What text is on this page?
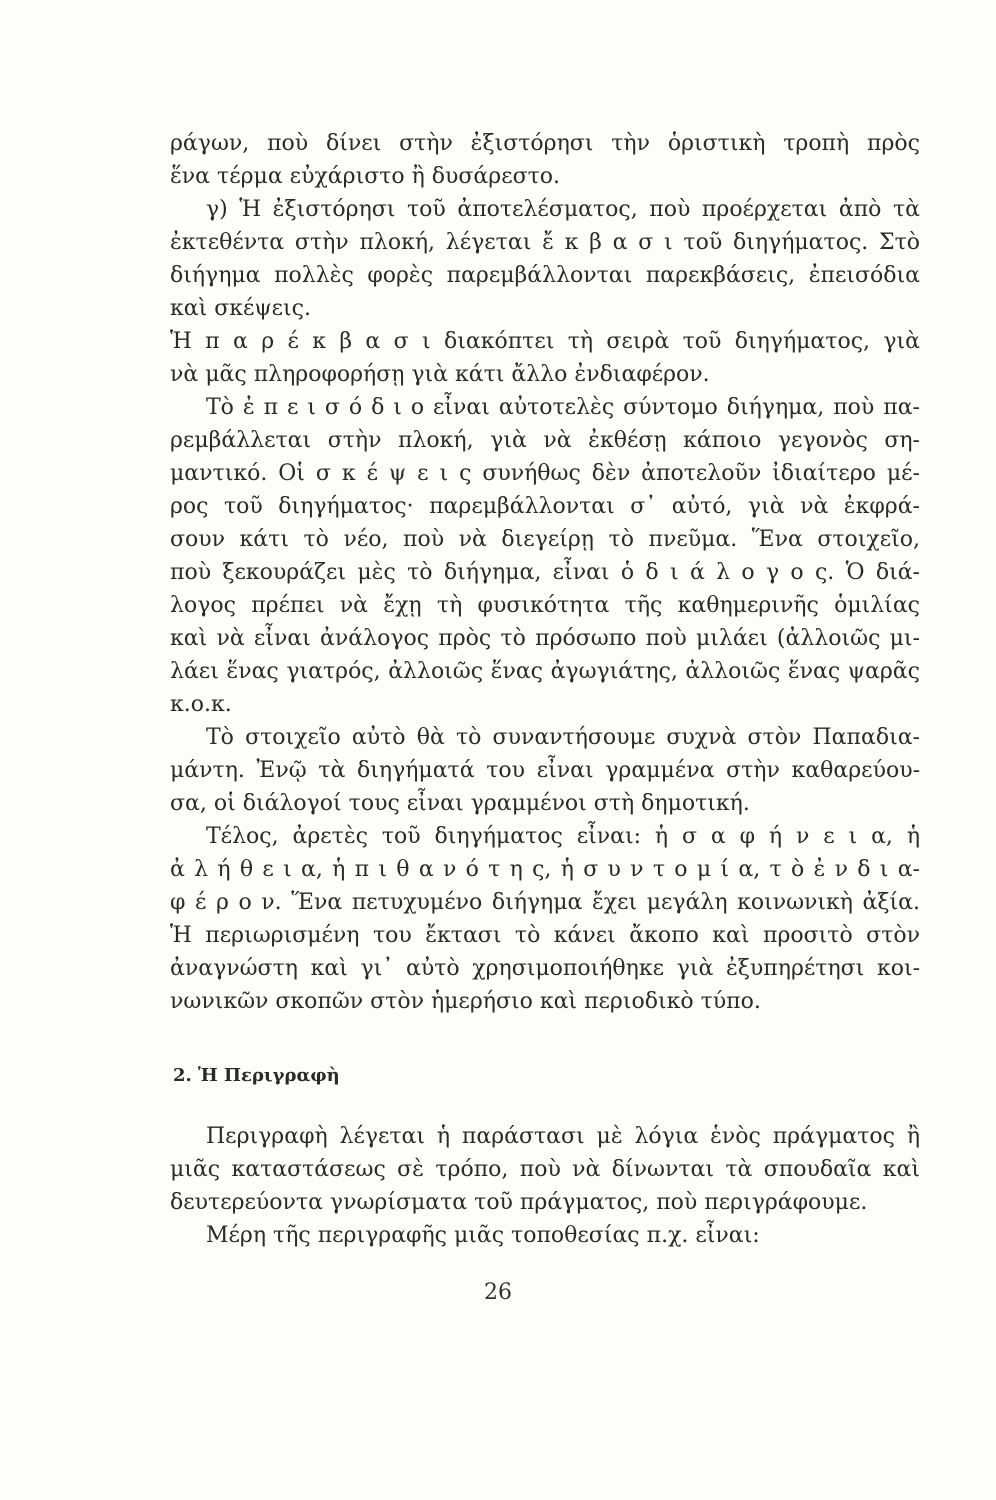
ράγων, ποὺ δίνει στὴν ἐξιστόρησι τὴν ὁριστικὴ τροπὴ πρὸς
ἕνα τέρμα εὐχάριστο ἢ δυσάρεστο.
γ) Ἡ ἐξιστόρησι τοῦ ἀποτελέσματος, ποὺ προέρχεται ἀπὸ τὰ
ἐκτεθέντα στὴν πλοκή, λέγεται ἔ κ β α σ ι τοῦ διηγήματος. Στὸ
διήγημα πολλὲς φορὲς παρεμβάλλονται παρεκβάσεις, ἐπεισόδια
καὶ σκέψεις.
Ἡ π α ρ έ κ β α σ ι διακόπτει τὴ σειρὰ τοῦ διηγήματος, γιὰ
νὰ μᾶς πληροφορήσῃ γιὰ κάτι ἄλλο ἐνδιαφέρον.
Τὸ ἐ π ε ι σ ό δ ι ο εἶναι αὐτοτελὲς σύντομο διήγημα, ποὺ πα-
ρεμβάλλεται στὴν πλοκή, γιὰ νὰ ἐκθέσῃ κάποιο γεγονὸς ση-
μαντικό. Οἱ σ κ έ ψ ε ι ς συνήθως δὲν ἀποτελοῦν ἰδιαίτερο μέ-
ρος τοῦ διηγήματος· παρεμβάλλονται σ᾿ αὐτό, γιὰ νὰ ἐκφρά-
σουν κάτι τὸ νέο, ποὺ νὰ διεγείρῃ τὸ πνεῦμα. Ἕνα στοιχεῖο,
ποὺ ξεκουράζει μὲς τὸ διήγημα, εἶναι ὁ δ ι ά λ ο γ ο ς. Ὁ διά-
λογος πρέπει νὰ ἔχῃ τὴ φυσικότητα τῆς καθημερινῆς ὁμιλίας
καὶ νὰ εἶναι ἀνάλογος πρὸς τὸ πρόσωπο ποὺ μιλάει (ἀλλοιῶς μι-
λάει ἕνας γιατρός, ἀλλοιῶς ἕνας ἀγωγιάτης, ἀλλοιῶς ἕνας ψαρᾶς
κ.ο.κ.
Τὸ στοιχεῖο αὐτὸ θὰ τὸ συναντήσουμε συχνὰ στὸν Παπαδια-
μάντη. Ἐνῷ τὰ διηγήματά του εἶναι γραμμένα στὴν καθαρεύου-
σα, οἱ διάλογοί τους εἶναι γραμμένοι στὴ δημοτική.
Τέλος, ἀρετὲς τοῦ διηγήματος εἶναι: ἡ σ α φ ή ν ε ι α, ἡ
ἀ λ ή θ ε ι α, ἡ π ι θ α ν ό τ η ς, ἡ σ υ ν τ ο μ ί α, τ ὸ ἐ ν δ ι α-
φ έ ρ ο ν. Ἕνα πετυχυμένο διήγημα ἔχει μεγάλη κοινωνικὴ ἀξία.
Ἡ περιωρισμένη του ἔκτασι τὸ κάνει ἄκοπο καὶ προσιτὸ στὸν
ἀναγνώστη καὶ γι᾿ αὐτὸ χρησιμοποιήθηκε γιὰ ἐξυπηρέτησι κοι-
νωνικῶν σκοπῶν στὸν ἡμερήσιο καὶ περιοδικὸ τύπο.
2. Ἡ Περιγραφὴ
Περιγραφὴ λέγεται ἡ παράστασι μὲ λόγια ἑνὸς πράγματος ἢ
μιᾶς καταστάσεως σὲ τρόπο, ποὺ νὰ δίνωνται τὰ σπουδαῖα καὶ
δευτερεύοντα γνωρίσματα τοῦ πράγματος, ποὺ περιγράφουμε.
Μέρη τῆς περιγραφῆς μιᾶς τοποθεσίας π.χ. εἶναι:
26
